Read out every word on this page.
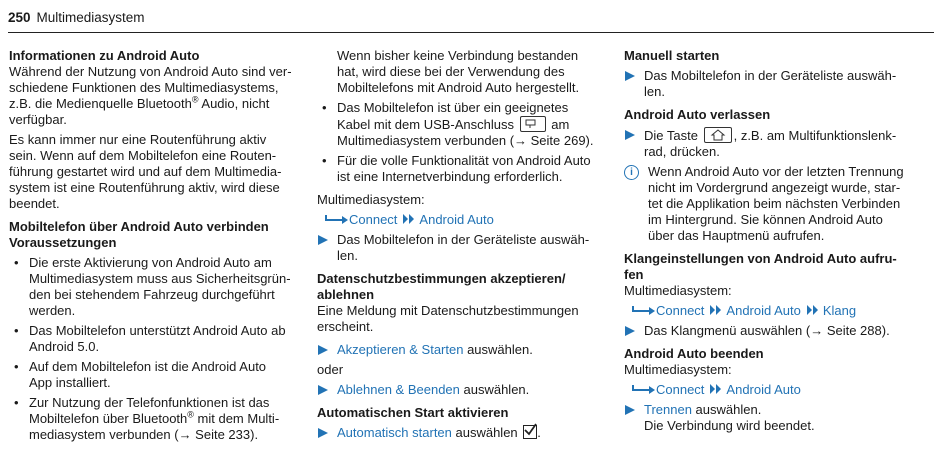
250 Multimediasystem
Informationen zu Android Auto

Während der Nutzung von Android Auto sind ver-

schiedene Funktionen des Multimediasystems,

z.B. die Medienquelle Bluetooth® Audio, nicht

verfügbar.

Es kann immer nur eine Routenführung aktiv

sein. Wenn auf dem Mobiltelefon eine Routen-

führung gestartet wird und auf dem Multimedia-

system ist eine Routenführung aktiv, wird diese

beendet.

Mobiltelefon über Android Auto verbinden
Voraussetzungen

• Die erste Aktivierung von Android Auto am

Multimediasystem muss aus Sicherheitsgrün-

den bei stehendem Fahrzeug durchgeführt

werden.

• Das Mobiltelefon unterstützt Android Auto ab

Android 5.0.

• Auf dem Mobiltelefon ist die Android Auto

App installiert.

• Zur Nutzung der Telefonfunktionen ist das

Mobiltelefon über Bluetooth® mit dem Multi-

mediasystem verbunden (→ Seite 233).

Wenn bisher keine Verbindung bestanden

hat, wird diese bei der Verwendung des

Mobiltelefons mit Android Auto hergestellt.

• Das Mobiltelefon ist über ein geeignetes

Kabel mit dem USB-Anschluss	am

Multimediasystem verbunden (→ Seite 269).

• Für die volle Funktionalität von Android Auto

ist eine Internetverbindung erforderlich.

Multimediasystem:

Connect Android Auto

Das Mobiltelefon in der Geräteliste auswäh-

len.

Datenschutzbestimmungen akzeptieren/
ablehnen

Eine Meldung mit Datenschutzbestimmungen

erscheint.

Akzeptieren & Starten auswählen.

oder

Ablehnen & Beenden auswählen.

Automatischen Start aktivieren

Automatisch starten auswählen
.

Manuell starten

Das Mobiltelefon in der Geräteliste auswäh-

len.

Android Auto verlassen

Die Taste	, z.B. am Multifunktionslenk-

rad, drücken.

i	Wenn Android Auto vor der letzten Trennung

nicht im Vordergrund angezeigt wurde, star-

tet die Applikation beim nächsten Verbinden

im Hintergrund. Sie können Android Auto

über das Hauptmenü aufrufen.

Klangeinstellungen von Android Auto aufru-
fen

Multimediasystem:

Connect Android Auto Klang

Das Klangmenü auswählen (→ Seite 288).

Android Auto beenden

Multimediasystem:

Connect Android Auto

Trennen auswählen.

Die Verbindung wird beendet.
